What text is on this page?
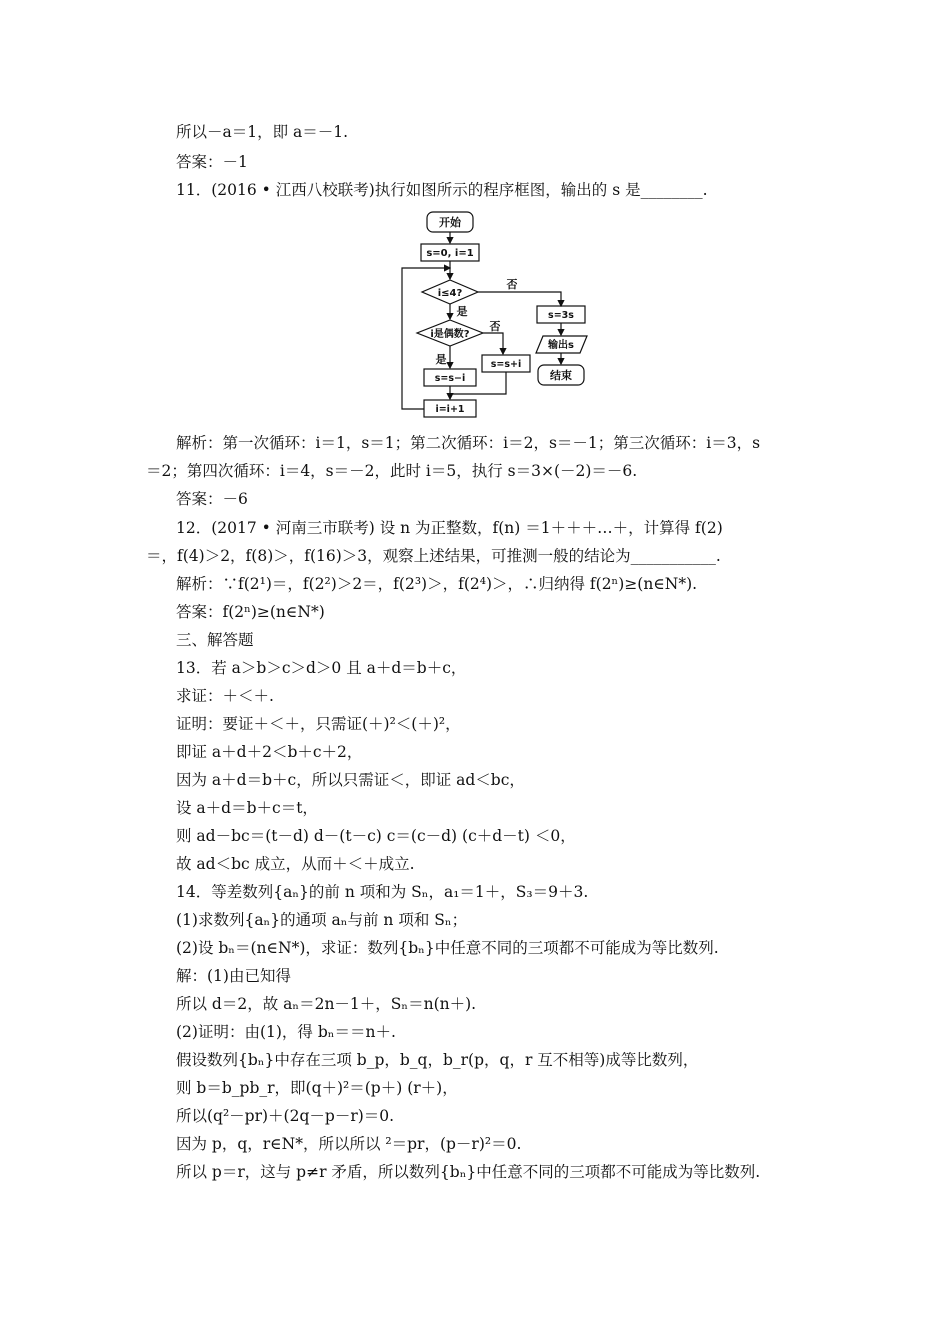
所以－a＝1，即 a＝－1.
答案：－1
11．(2016 • 江西八校联考)执行如图所示的程序框图，输出的 s 是________.
开始
s=0, i=1
i≤4?
否
是
i是偶数?
否
是	s=s+i
s=s−i
i=i+1
s=3s
输出s
结束
解析：第一次循环：i＝1，s＝1；第二次循环：i＝2，s＝－1；第三次循环：i＝3，s
＝2；第四次循环：i＝4，s＝－2，此时 i＝5，执行 s＝3×(－2)＝－6.
答案：－6
12．(2017 • 河南三市联考) 设 n 为正整数，f(n) ＝1＋＋＋…＋，计算得 f(2)
＝，f(4)＞2，f(8)＞，f(16)＞3，观察上述结果，可推测一般的结论为___________.
解析：∵f(2¹)＝，f(2²)＞2＝，f(2³)＞，f(2⁴)＞，∴归纳得 f(2ⁿ)≥(n∈N*).
答案：f(2ⁿ)≥(n∈N*)
三、解答题
13．若 a＞b＞c＞d＞0 且 a＋d＝b＋c，
求证：＋＜＋.
证明：要证＋＜＋，只需证(＋)²＜(＋)²，
即证 a＋d＋2＜b＋c＋2，
因为 a＋d＝b＋c，所以只需证＜，即证 ad＜bc，
设 a＋d＝b＋c＝t，
则 ad－bc＝(t－d) d－(t－c) c＝(c－d) (c＋d－t) ＜0，
故 ad＜bc 成立，从而＋＜＋成立.
14．等差数列{aₙ}的前 n 项和为 Sₙ，a₁＝1＋，S₃＝9＋3.
(1)求数列{aₙ}的通项 aₙ与前 n 项和 Sₙ；
(2)设 bₙ＝(n∈N*)，求证：数列{bₙ}中任意不同的三项都不可能成为等比数列.
解：(1)由已知得
所以 d＝2，故 aₙ＝2n－1＋，Sₙ＝n(n＋).
(2)证明：由(1)，得 bₙ＝＝n＋.
假设数列{bₙ}中存在三项 b_p，b_q，b_r(p，q，r 互不相等)成等比数列，
则 b＝b_pb_r，即(q＋)²＝(p＋) (r＋)，
所以(q²－pr)＋(2q－p－r)＝0.
因为 p，q，r∈N*，所以所以 ²＝pr，(p－r)²＝0.
所以 p＝r，这与 p≠r 矛盾，所以数列{bₙ}中任意不同的三项都不可能成为等比数列.
